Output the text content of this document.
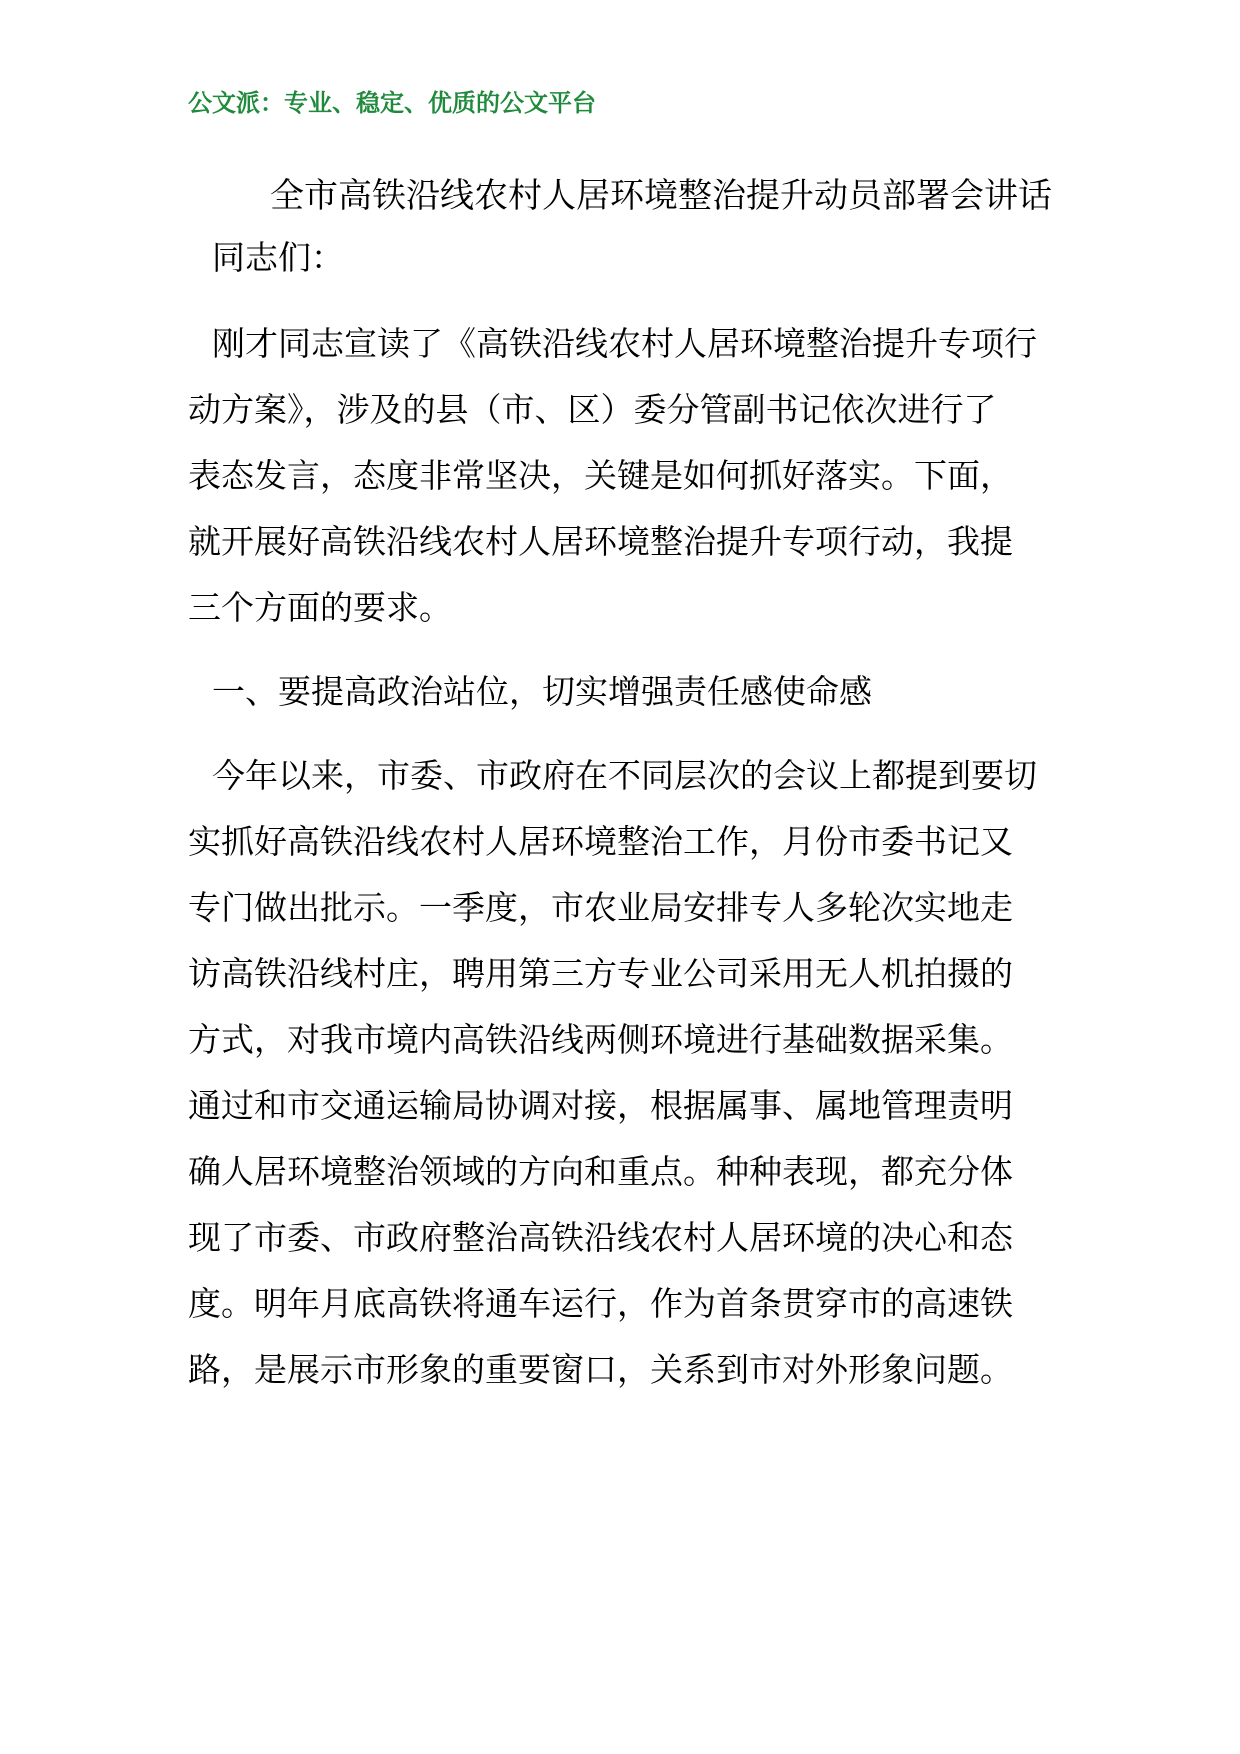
公文派：专业、稳定、优质的公文平台
全市高铁沿线农村人居环境整治提升动员部署会讲话
同志们：
刚才同志宣读了《高铁沿线农村人居环境整治提升专项行
动方案》，涉及的县（市、区）委分管副书记依次进行了
表态发言，态度非常坚决，关键是如何抓好落实。下面，
就开展好高铁沿线农村人居环境整治提升专项行动，我提
三个方面的要求。
一、要提高政治站位，切实增强责任感使命感
今年以来，市委、市政府在不同层次的会议上都提到要切
实抓好高铁沿线农村人居环境整治工作，月份市委书记又
专门做出批示。一季度，市农业局安排专人多轮次实地走
访高铁沿线村庄，聘用第三方专业公司采用无人机拍摄的
方式，对我市境内高铁沿线两侧环境进行基础数据采集。
通过和市交通运输局协调对接，根据属事、属地管理责明
确人居环境整治领域的方向和重点。种种表现，都充分体
现了市委、市政府整治高铁沿线农村人居环境的决心和态
度。明年月底高铁将通车运行，作为首条贯穿市的高速铁
路，是展示市形象的重要窗口，关系到市对外形象问题。
